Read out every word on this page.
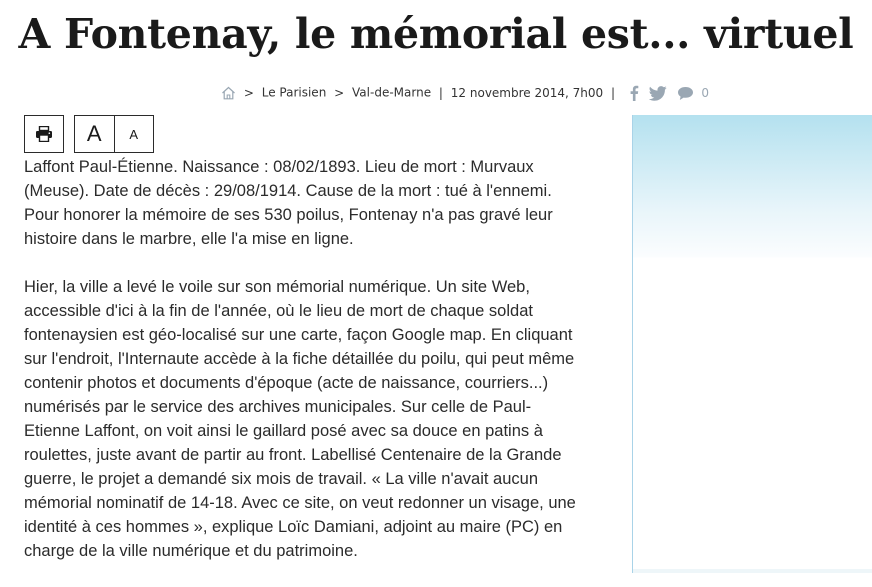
A Fontenay, le mémorial est... virtuel
> Le Parisien > Val-de-Marne | 12 novembre 2014, 7h00 |	0
A	A

Laffont Paul-Étienne. Naissance : 08/02/1893. Lieu de mort : Murvaux (Meuse). Date de décès : 29/08/1914. Cause de la mort : tué à l'ennemi. Pour honorer la mémoire de ses 530 poilus, Fontenay n'a pas gravé leur histoire dans le marbre, elle l'a mise en ligne.

Hier, la ville a levé le voile sur son mémorial numérique. Un site Web, accessible d'ici à la fin de l'année, où le lieu de mort de chaque soldat fontenaysien est géo-localisé sur une carte, façon Google map. En cliquant sur l'endroit, l'Internaute accède à la fiche détaillée du poilu, qui peut même contenir photos et documents d'époque (acte de naissance, courriers...) numérisés par le service des archives municipales. Sur celle de Paul-Etienne Laffont, on voit ainsi le gaillard posé avec sa douce en patins à roulettes, juste avant de partir au front. Labellisé Centenaire de la Grande guerre, le projet a demandé six mois de travail. « La ville n'avait aucun mémorial nominatif de 14-18. Avec ce site, on veut redonner un visage, une identité à ces hommes », explique Loïc Damiani, adjoint au maire (PC) en charge de la ville numérique et du patrimoine.
